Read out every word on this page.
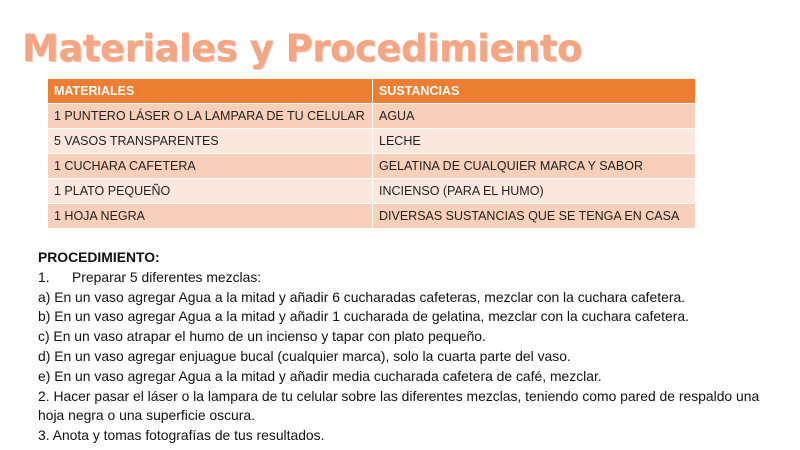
Materiales y Procedimiento
MATERIALES	SUSTANCIAS
1 PUNTERO LÁSER O LA LAMPARA DE TU CELULAR	AGUA
5 VASOS TRANSPARENTES	LECHE
1 CUCHARA CAFETERA	GELATINA DE CUALQUIER MARCA Y SABOR
1 PLATO PEQUEÑO	INCIENSO (PARA EL HUMO)
1 HOJA NEGRA	DIVERSAS SUSTANCIAS QUE SE TENGA EN CASA
PROCEDIMIENTO:
1. Preparar 5 diferentes mezclas:
a) En un vaso agregar Agua a la mitad y añadir 6 cucharadas cafeteras, mezclar con la cuchara cafetera.
b) En un vaso agregar Agua a la mitad y añadir 1 cucharada de gelatina, mezclar con la cuchara cafetera.
c) En un vaso atrapar el humo de un incienso y tapar con plato pequeño.
d) En un vaso agregar enjuague bucal (cualquier marca), solo la cuarta parte del vaso.
e) En un vaso agregar Agua a la mitad y añadir media cucharada cafetera de café, mezclar.
2. Hacer pasar el láser o la lampara de tu celular sobre las diferentes mezclas, teniendo como pared de respaldo una hoja negra o una superficie oscura.
3. Anota y tomas fotografías de tus resultados.
